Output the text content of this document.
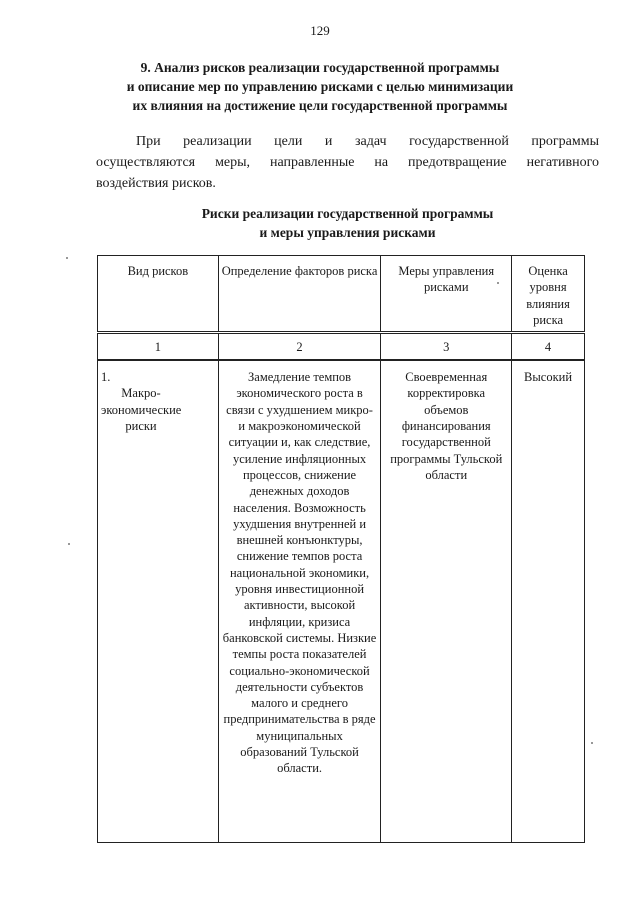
129
9. Анализ рисков реализации государственной программы
и описание мер по управлению рисками с целью минимизации
их влияния на достижение цели государственной программы
При реализации цели и задач государственной программы
осуществляются меры, направленные на предотвращение негативного
воздействия рисков.
Риски реализации государственной программы
и меры управления рисками
Вид рисков	Определение факторов риска	Меры управления рисками	Оценка уровня влияния риска
1	2	3	4
1.Макро-экономические риски	Замедление темпов экономического роста в связи с ухудшением микро- и макроэкономической ситуации и, как следствие, усиление инфляционных процессов, снижение денежных доходов населения. Возможность ухудшения внутренней и внешней конъюнктуры, снижение темпов роста национальной экономики, уровня инвестиционной активности, высокой инфляции, кризиса банковской системы. Низкие темпы роста показателей социально-экономической деятельности субъектов малого и среднего предпринимательства в ряде муниципальных образований Тульской области.	Своевременная корректировка объемов финансирования государственной программы Тульской области	Высокий
